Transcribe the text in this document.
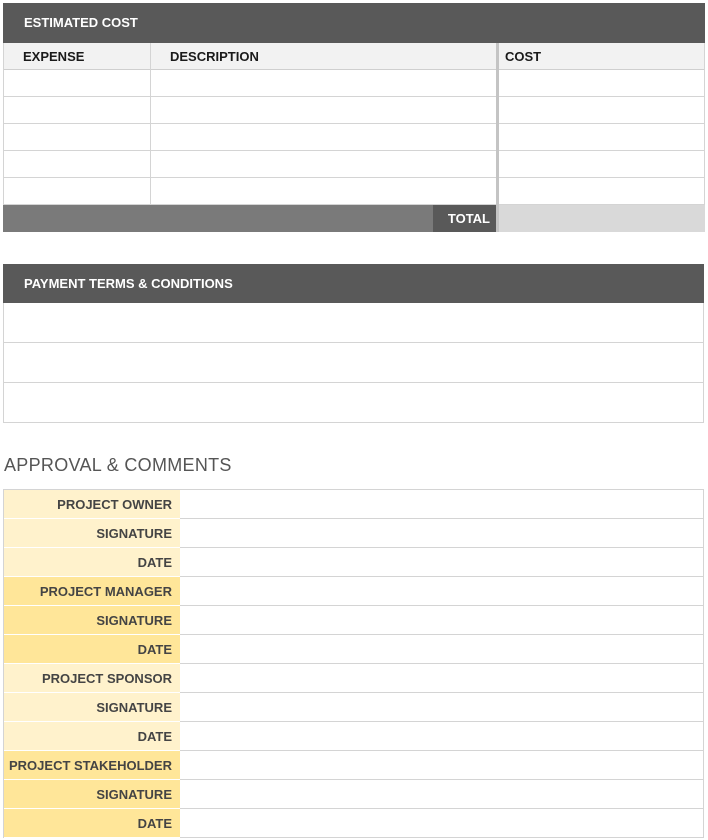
ESTIMATED COST
EXPENSE	DESCRIPTION	COST
TOTAL
PAYMENT TERMS & CONDITIONS
APPROVAL & COMMENTS
PROJECT OWNER
SIGNATURE
DATE
PROJECT MANAGER
SIGNATURE
DATE
PROJECT SPONSOR
SIGNATURE
DATE
PROJECT STAKEHOLDER
SIGNATURE
DATE
